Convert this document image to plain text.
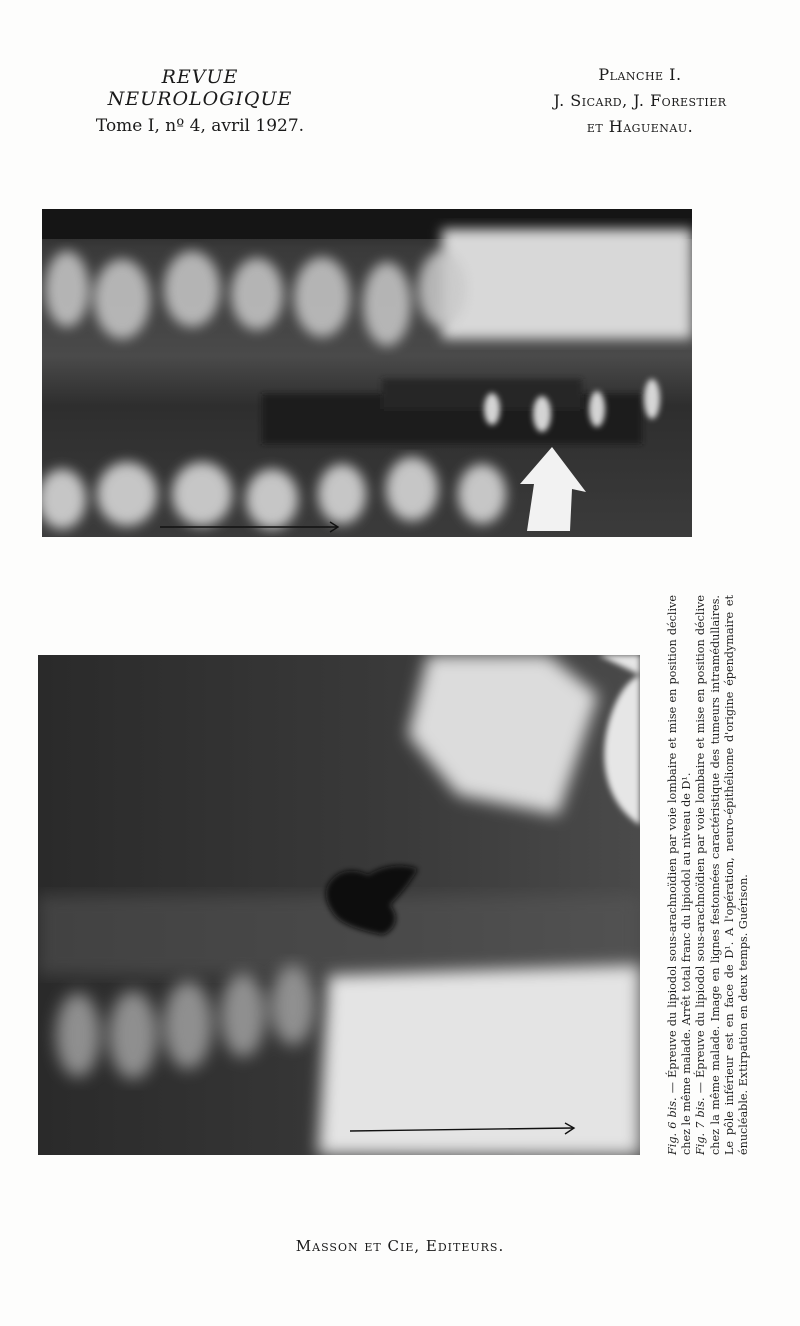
REVUE NEUROLOGIQUE
Tome I, nº 4, avril 1927.
Planche I.
J. Sicard, J. Forestier
et Haguenau.

Fig. 6 bis. — Épreuve du lipiodol sous-arachnoïdien par voie lombaire et mise en position déclive chez le même malade. Arrêt total franc du lipiodol au niveau de D¹. Fig. 7 bis. — Épreuve du lipiodol sous-arachnoïdien par voie lombaire et mise en position déclive chez la même malade. Image en lignes festonnées caractéristique des tumeurs intramédullaires. Le pôle inférieur est en face de D¹. A l'opération, neuro-épithéliome d'origine épendymaire et énucléable. Extirpation en deux temps. Guérison.

Masson et Cie, Editeurs.
